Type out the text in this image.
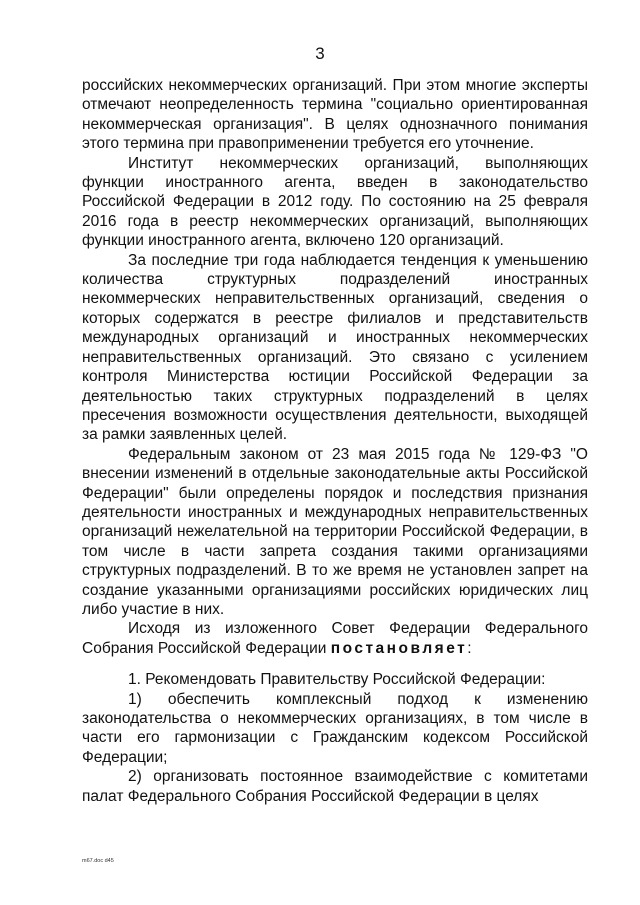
3

российских некоммерческих организаций. При этом многие эксперты отмечают неопределенность термина "социально ориентированная некоммерческая организация". В целях однозначного понимания этого термина при правоприменении требуется его уточнение.

Институт некоммерческих организаций, выполняющих функции иностранного агента, введен в законодательство Российской Федерации в 2012 году. По состоянию на 25 февраля 2016 года в реестр некоммерческих организаций, выполняющих функции иностранного агента, включено 120 организаций.

За последние три года наблюдается тенденция к уменьшению количества структурных подразделений иностранных некоммерческих неправительственных организаций, сведения о которых содержатся в реестре филиалов и представительств международных организаций и иностранных некоммерческих неправительственных организаций. Это связано с усилением контроля Министерства юстиции Российской Федерации за деятельностью таких структурных подразделений в целях пресечения возможности осуществления деятельности, выходящей за рамки заявленных целей.

Федеральным законом от 23 мая 2015 года № 129-ФЗ "О внесении изменений в отдельные законодательные акты Российской Федерации" были определены порядок и последствия признания деятельности иностранных и международных неправительственных организаций нежелательной на территории Российской Федерации, в том числе в части запрета создания такими организациями структурных подразделений. В то же время не установлен запрет на создание указанными организациями российских юридических лиц либо участие в них.

Исходя из изложенного Совет Федерации Федерального Собрания Российской Федерации постановляет:

1. Рекомендовать Правительству Российской Федерации:

1) обеспечить комплексный подход к изменению законодательства о некоммерческих организациях, в том числе в части его гармонизации с Гражданским кодексом Российской Федерации;

2) организовать постоянное взаимодействие с комитетами палат Федерального Собрания Российской Федерации в целях

m67.doc d45
